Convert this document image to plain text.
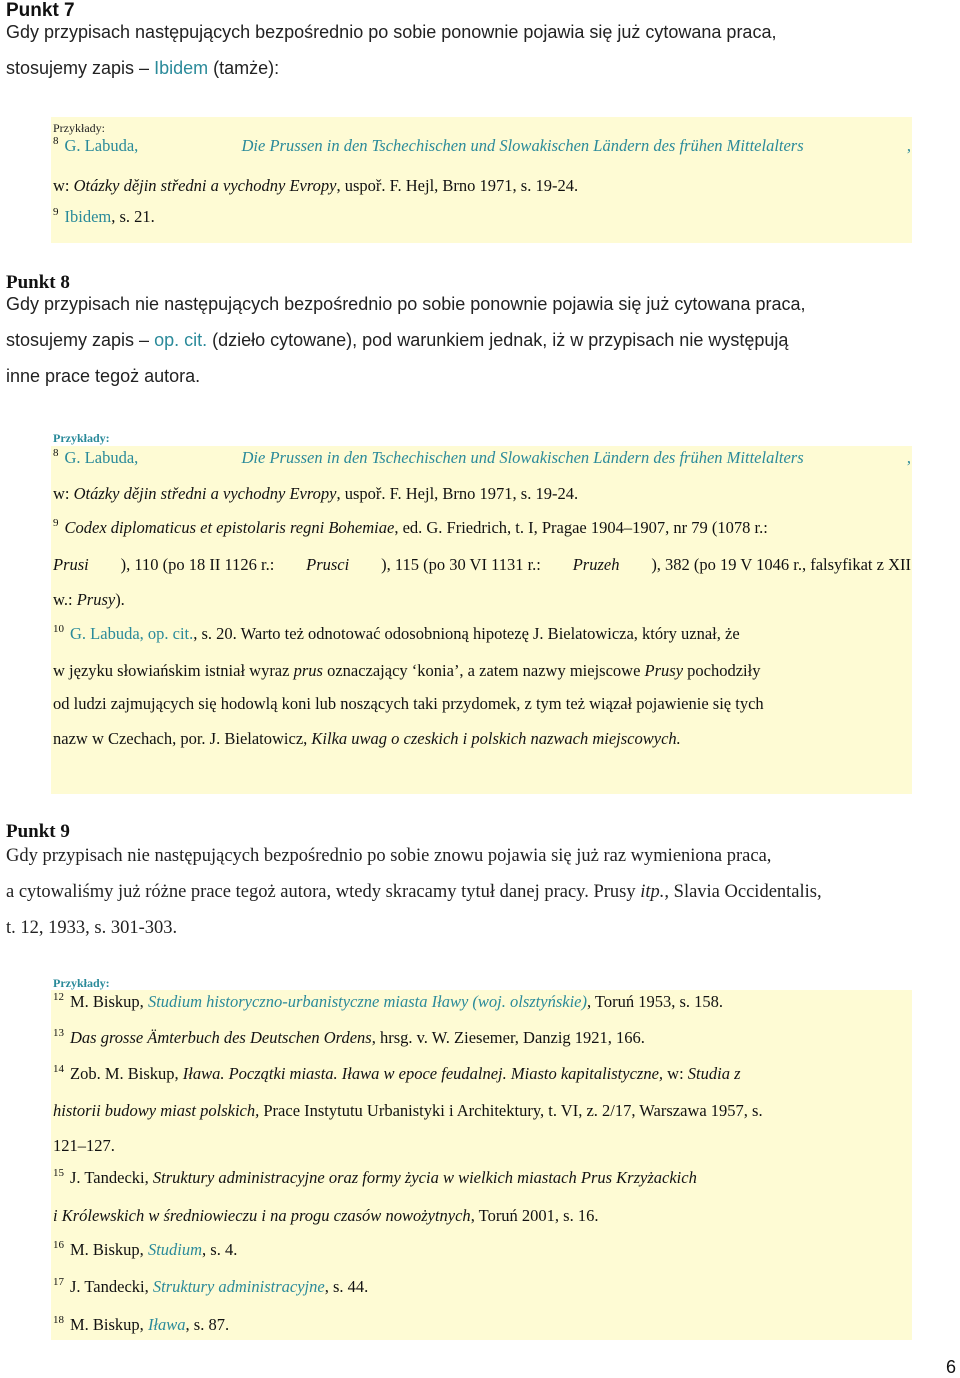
Punkt 7
Gdy przypisach następujących bezpośrednio po sobie ponownie pojawia się już cytowana praca,
stosujemy zapis – Ibidem (tamże):
Przykłady:
$^8$ G. Labuda,	Die Prussen in den Tschechischen und Slowakischen Ländern des frühen Mittelalters	,
w: Otázky dějin středni a vychodny Evropy, uspoř. F. Hejl, Brno 1971, s. 19-24.
$^9$ Ibidem, s. 21.
Punkt 8
Gdy przypisach nie następujących bezpośrednio po sobie ponownie pojawia się już cytowana praca,
stosujemy zapis – op. cit. (dzieło cytowane), pod warunkiem jednak, iż w przypisach nie występują
inne prace tegoż autora.
Przykłady:
$^8$ G. Labuda,	Die Prussen in den Tschechischen und Slowakischen Ländern des frühen Mittelalters	,
w: Otázky dějin středni a vychodny Evropy, uspoř. F. Hejl, Brno 1971, s. 19-24.
$^9$ Codex diplomaticus et epistolaris regni Bohemiae, ed. G. Friedrich, t. I, Pragae 1904–1907, nr 79 (1078 r.:
Prusi ), 110 (po 18 II 1126 r.: Prusci ), 115 (po 30 VI 1131 r.: Pruzeh ), 382 (po 19 V 1046 r., falsyfikat z XII
w.: Prusy).
$^{10}$ G. Labuda, op. cit., s. 20. Warto też odnotować odosobnioną hipotezę J. Bielatowicza, który uznał, że
w języku słowiańskim istniał wyraz prus oznaczający ‘konia’, a zatem nazwy miejscowe Prusy pochodziły
od ludzi zajmujących się hodowlą koni lub noszących taki przydomek, z tym też wiązał pojawienie się tych
nazw w Czechach, por. J. Bielatowicz, Kilka uwag o czeskich i polskich nazwach miejscowych.
Punkt 9
Gdy przypisach nie następujących bezpośrednio po sobie znowu pojawia się już raz wymieniona praca,
a cytowaliśmy już różne prace tegoż autora, wtedy skracamy tytuł danej pracy. Prusy itp., Slavia Occidentalis,
t. 12, 1933, s. 301-303.
Przykłady:
$^{12}$ M. Biskup, Studium historyczno-urbanistyczne miasta Iławy (woj. olsztyńskie), Toruń 1953, s. 158.
$^{13}$ Das grosse Ämterbuch des Deutschen Ordens, hrsg. v. W. Ziesemer, Danzig 1921, 166.
$^{14}$ Zob. M. Biskup, Iława. Początki miasta. Iława w epoce feudalnej. Miasto kapitalistyczne, w: Studia z
historii budowy miast polskich, Prace Instytutu Urbanistyki i Architektury, t. VI, z. 2/17, Warszawa 1957, s.
121–127.
$^{15}$ J. Tandecki, Struktury administracyjne oraz formy życia w wielkich miastach Prus Krzyżackich
i Królewskich w średniowieczu i na progu czasów nowożytnych, Toruń 2001, s. 16.
$^{16}$ M. Biskup, Studium, s. 4.
$^{17}$ J. Tandecki, Struktury administracyjne, s. 44.
$^{18}$ M. Biskup, Iława, s. 87.
6
